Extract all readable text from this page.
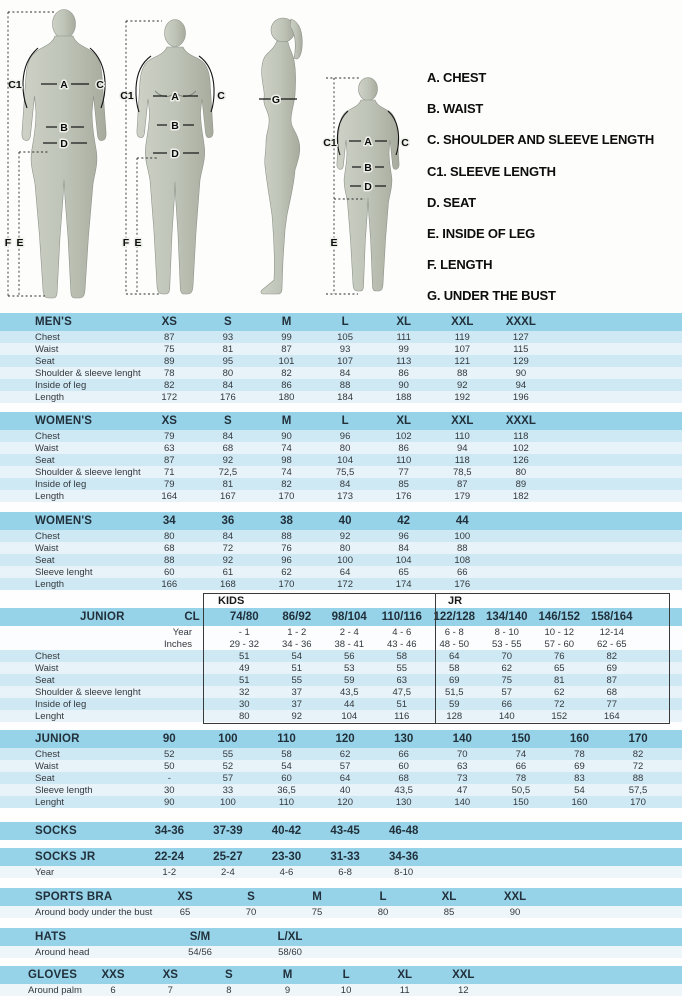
A
B
D
C1	C
F E
A
B
D
C1	C
F E
G
A
B
D
C1	C
E
A. CHEST
B. WAIST
C. SHOULDER AND SLEEVE LENGTH
C1. SLEEVE LENGTH
D. SEAT
E. INSIDE OF LEG
F. LENGTH
G. UNDER THE BUST
MEN'S	XS	S	M	L	XL	XXL	XXXL
Chest	87	93	99	105	111	119	127
Waist	75	81	87	93	99	107	115
Seat	89	95	101	107	113	121	129
Shoulder & sleeve lenght	78	80	82	84	86	88	90
Inside of leg	82	84	86	88	90	92	94
Length	172	176	180	184	188	192	196
WOMEN'S	XS	S	M	L	XL	XXL	XXXL
Chest	79	84	90	96	102	110	118
Waist	63	68	74	80	86	94	102
Seat	87	92	98	104	110	118	126
Shoulder & sleeve lenght	71	72,5	74	75,5	77	78,5	80
Inside of leg	79	81	82	84	85	87	89
Length	164	167	170	173	176	179	182
WOMEN'S	34	36	38	40	42	44
Chest	80	84	88	92	96	100
Waist	68	72	76	80	84	88
Seat	88	92	96	100	104	108
Sleeve lenght	60	61	62	64	65	66
Length	166	168	170	172	174	176
KIDS	JR
JUNIOR	CL	74/80	86/92	98/104	110/116	122/128 134/140 146/152 158/164
Year	- 1	1 - 2	2 - 4	4 - 6	6 - 8	8 - 10	10 - 12	12-14
Inches	29 - 32	34 - 36	38 - 41	43 - 46	48 - 50	53 - 55	57 - 60	62 - 65
Chest	51	54	56	58	64	70	76	82
Waist	49	51	53	55	58	62	65	69
Seat	51	55	59	63	69	75	81	87
Shoulder & sleeve lenght	32	37	43,5	47,5	51,5	57	62	68
Inside of leg	30	37	44	51	59	66	72	77
Lenght	80	92	104	116	128	140	152	164
JUNIOR	90	100	110	120	130	140	150	160	170
Chest	52	55	58	62	66	70	74	78	82
Waist	50	52	54	57	60	63	66	69	72
Seat	-	57	60	64	68	73	78	83	88
Sleeve length	30	33	36,5	40	43,5	47	50,5	54	57,5
Lenght	90	100	110	120	130	140	150	160	170
SOCKS	34-36	37-39	40-42	43-45	46-48
SOCKS JR	22-24	25-27	23-30	31-33	34-36
Year	1-2	2-4	4-6	6-8	8-10
SPORTS BRA	XS	S	M	L	XL	XXL
Around body under the bust	65	70	75	80	85	90
HATS	S/M	L/XL
Around head	54/56	58/60
GLOVES	XXS	XS	S	M	L	XL	XXL
Around palm	6	7	8	9	10	11	12
